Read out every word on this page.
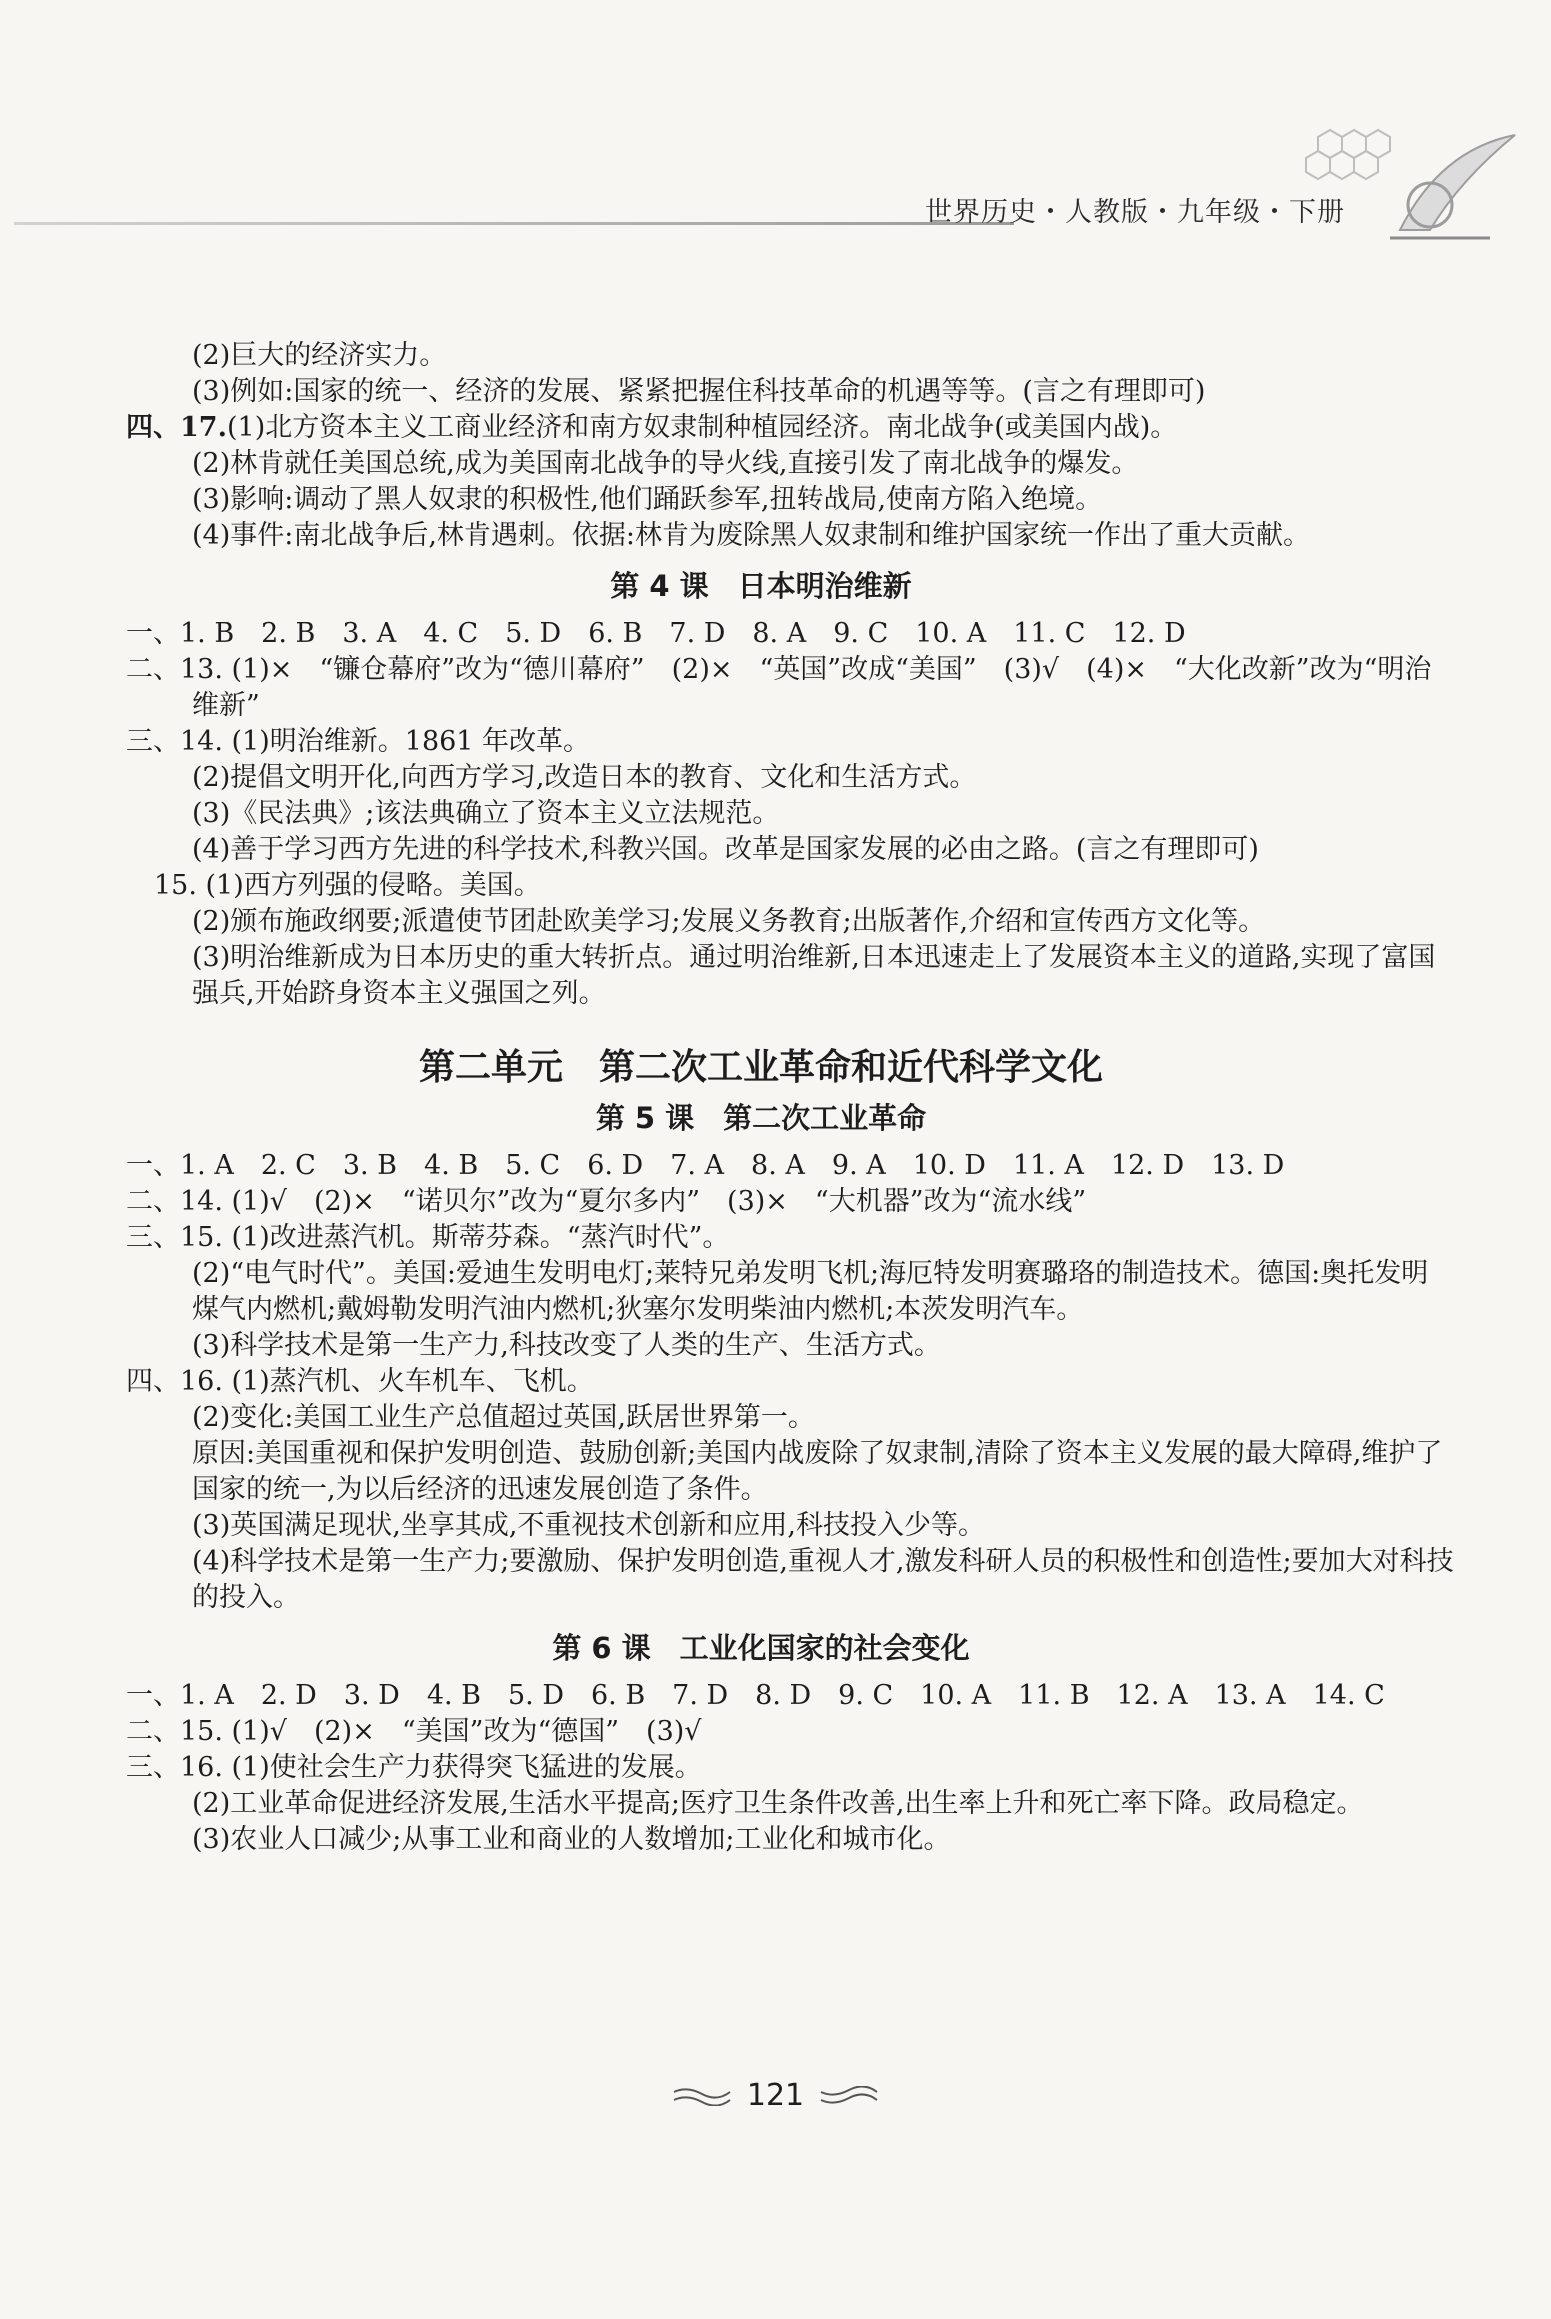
世界历史・人教版・九年级・下册
(2)巨大的经济实力。
(3)例如:国家的统一、经济的发展、紧紧把握住科技革命的机遇等等。(言之有理即可)
四、17.(1)北方资本主义工商业经济和南方奴隶制种植园经济。南北战争(或美国内战)。
(2)林肯就任美国总统,成为美国南北战争的导火线,直接引发了南北战争的爆发。
(3)影响:调动了黑人奴隶的积极性,他们踊跃参军,扭转战局,使南方陷入绝境。
(4)事件:南北战争后,林肯遇刺。依据:林肯为废除黑人奴隶制和维护国家统一作出了重大贡献。
第 4 课　日本明治维新
一、1. B　2. B　3. A　4. C　5. D　6. B　7. D　8. A　9. C　10. A　11. C　12. D
二、13. (1)×　“镰仓幕府”改为“德川幕府”　(2)×　“英国”改成“美国”　(3)√　(4)×　“大化改新”改为“明治
维新”
三、14. (1)明治维新。1861 年改革。
(2)提倡文明开化,向西方学习,改造日本的教育、文化和生活方式。
(3)《民法典》;该法典确立了资本主义立法规范。
(4)善于学习西方先进的科学技术,科教兴国。改革是国家发展的必由之路。(言之有理即可)
15. (1)西方列强的侵略。美国。
(2)颁布施政纲要;派遣使节团赴欧美学习;发展义务教育;出版著作,介绍和宣传西方文化等。
(3)明治维新成为日本历史的重大转折点。通过明治维新,日本迅速走上了发展资本主义的道路,实现了富国
强兵,开始跻身资本主义强国之列。
第二单元　第二次工业革命和近代科学文化
第 5 课　第二次工业革命
一、1. A　2. C　3. B　4. B　5. C　6. D　7. A　8. A　9. A　10. D　11. A　12. D　13. D
二、14. (1)√　(2)×　“诺贝尔”改为“夏尔多内”　(3)×　“大机器”改为“流水线”
三、15. (1)改进蒸汽机。斯蒂芬森。“蒸汽时代”。
(2)“电气时代”。美国:爱迪生发明电灯;莱特兄弟发明飞机;海厄特发明赛璐珞的制造技术。德国:奥托发明
煤气内燃机;戴姆勒发明汽油内燃机;狄塞尔发明柴油内燃机;本茨发明汽车。
(3)科学技术是第一生产力,科技改变了人类的生产、生活方式。
四、16. (1)蒸汽机、火车机车、飞机。
(2)变化:美国工业生产总值超过英国,跃居世界第一。
原因:美国重视和保护发明创造、鼓励创新;美国内战废除了奴隶制,清除了资本主义发展的最大障碍,维护了
国家的统一,为以后经济的迅速发展创造了条件。
(3)英国满足现状,坐享其成,不重视技术创新和应用,科技投入少等。
(4)科学技术是第一生产力;要激励、保护发明创造,重视人才,激发科研人员的积极性和创造性;要加大对科技
的投入。
第 6 课　工业化国家的社会变化
一、1. A　2. D　3. D　4. B　5. D　6. B　7. D　8. D　9. C　10. A　11. B　12. A　13. A　14. C
二、15. (1)√　(2)×　“美国”改为“德国”　(3)√
三、16. (1)使社会生产力获得突飞猛进的发展。
(2)工业革命促进经济发展,生活水平提高;医疗卫生条件改善,出生率上升和死亡率下降。政局稳定。
(3)农业人口减少;从事工业和商业的人数增加;工业化和城市化。
121
